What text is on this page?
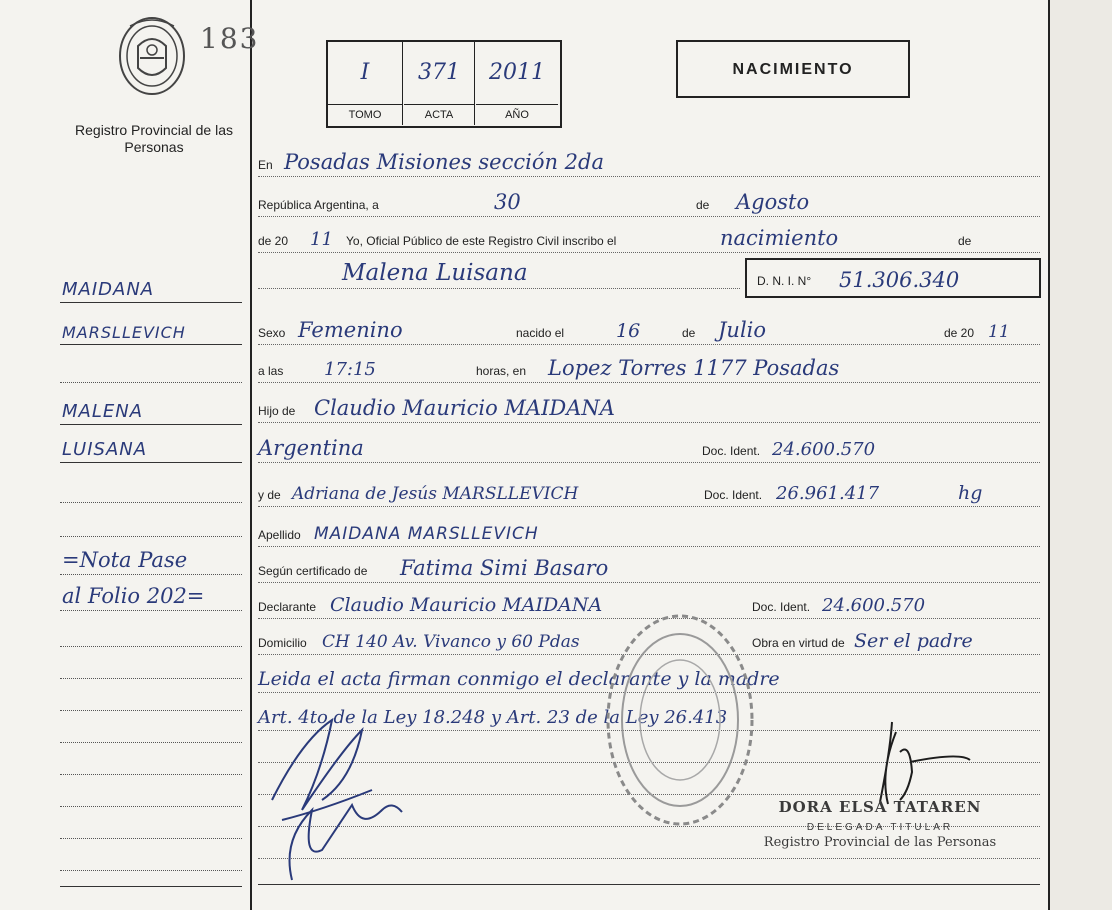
183
Registro Provincial de las Personas
MAIDANA
MARSLLEVICH
MALENA
LUISANA
=Nota Pase
al Folio 202=
I	371	2011
TOMO	ACTA	AÑO
NACIMIENTO
En Posadas Misiones sección 2da
República Argentina, a	30	de Agosto
de 20 11 Yo, Oficial Público de este Registro Civil inscribo el	nacimiento	de
Malena Luisana	D. N. I. N° 51.306.340
Sexo Femenino	nacido el	16	de Julio	de 20 11
a las 17:15	horas, en Lopez Torres 1177 Posadas
Hijo de Claudio Mauricio MAIDANA
Argentina	Doc. Ident. 24.600.570
y de Adriana de Jesús MARSLLEVICH	Doc. Ident. 26.961.417	hg
Apellido MAIDANA MARSLLEVICH
Según certificado de Fatima Simi Basaro
Declarante Claudio Mauricio MAIDANA	Doc. Ident. 24.600.570
Domicilio CH 140 Av. Vivanco y 60 Pdas	Obra en virtud de Ser el padre
Leida el acta firman conmigo el declarante y la madre
Art. 4to de la Ley 18.248 y Art. 23 de la Ley 26.413
DORA ELSA TATAREN
DELEGADA TITULAR
Registro Provincial de las Personas
